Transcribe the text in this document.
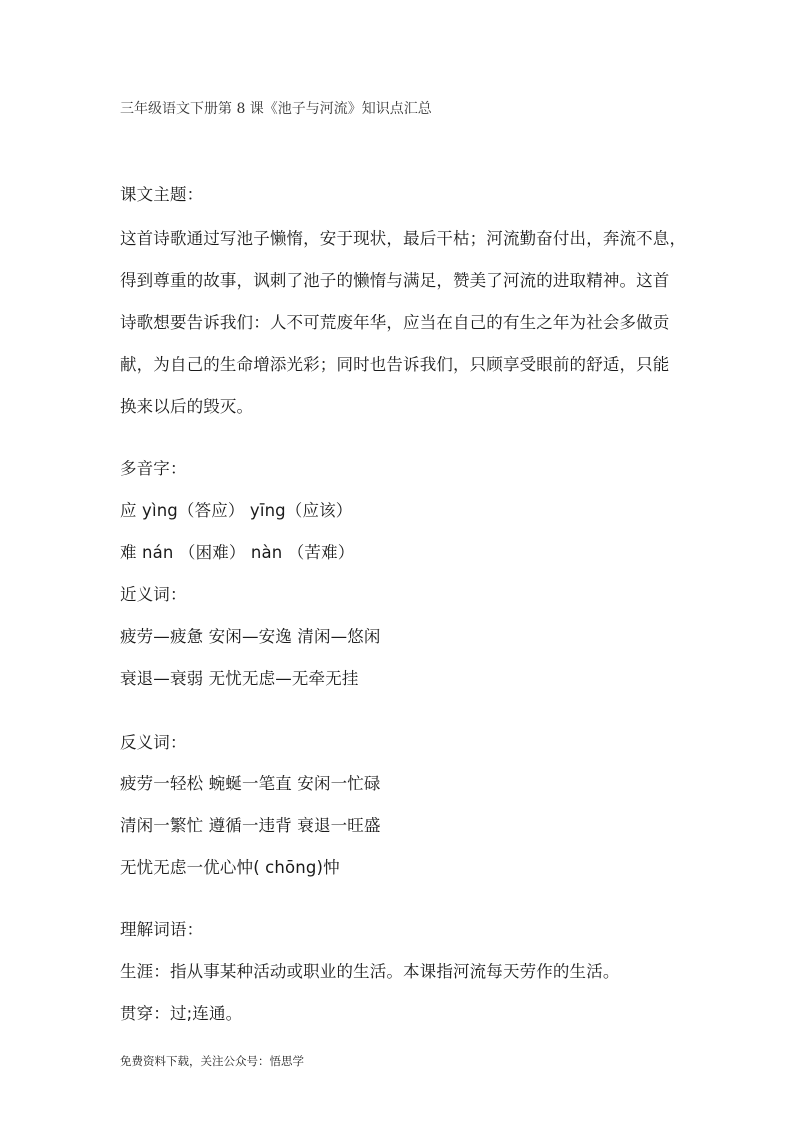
三年级语文下册第 8 课《池子与河流》知识点汇总
课文主题：
这首诗歌通过写池子懒惰，安于现状，最后干枯；河流勤奋付出，奔流不息，
得到尊重的故事，讽刺了池子的懒惰与满足，赞美了河流的进取精神。这首
诗歌想要告诉我们：人不可荒废年华，应当在自己的有生之年为社会多做贡
献，为自己的生命增添光彩；同时也告诉我们，只顾享受眼前的舒适，只能
换来以后的毁灭。
多音字：
应 yìng（答应） yīng（应该）
难 nán （困难） nàn （苦难）
近义词：
疲劳—疲惫 安闲—安逸 清闲—悠闲
衰退—衰弱 无忧无虑—无牵无挂
反义词：
疲劳一轻松 蜿蜒一笔直 安闲一忙碌
清闲一繁忙 遵循一违背 衰退一旺盛
无忧无虑一优心忡( chōng)忡
理解词语：
生涯：指从事某种活动或职业的生活。本课指河流每天劳作的生活。
贯穿：过;连通。
免费资料下载，关注公众号：悟思学
